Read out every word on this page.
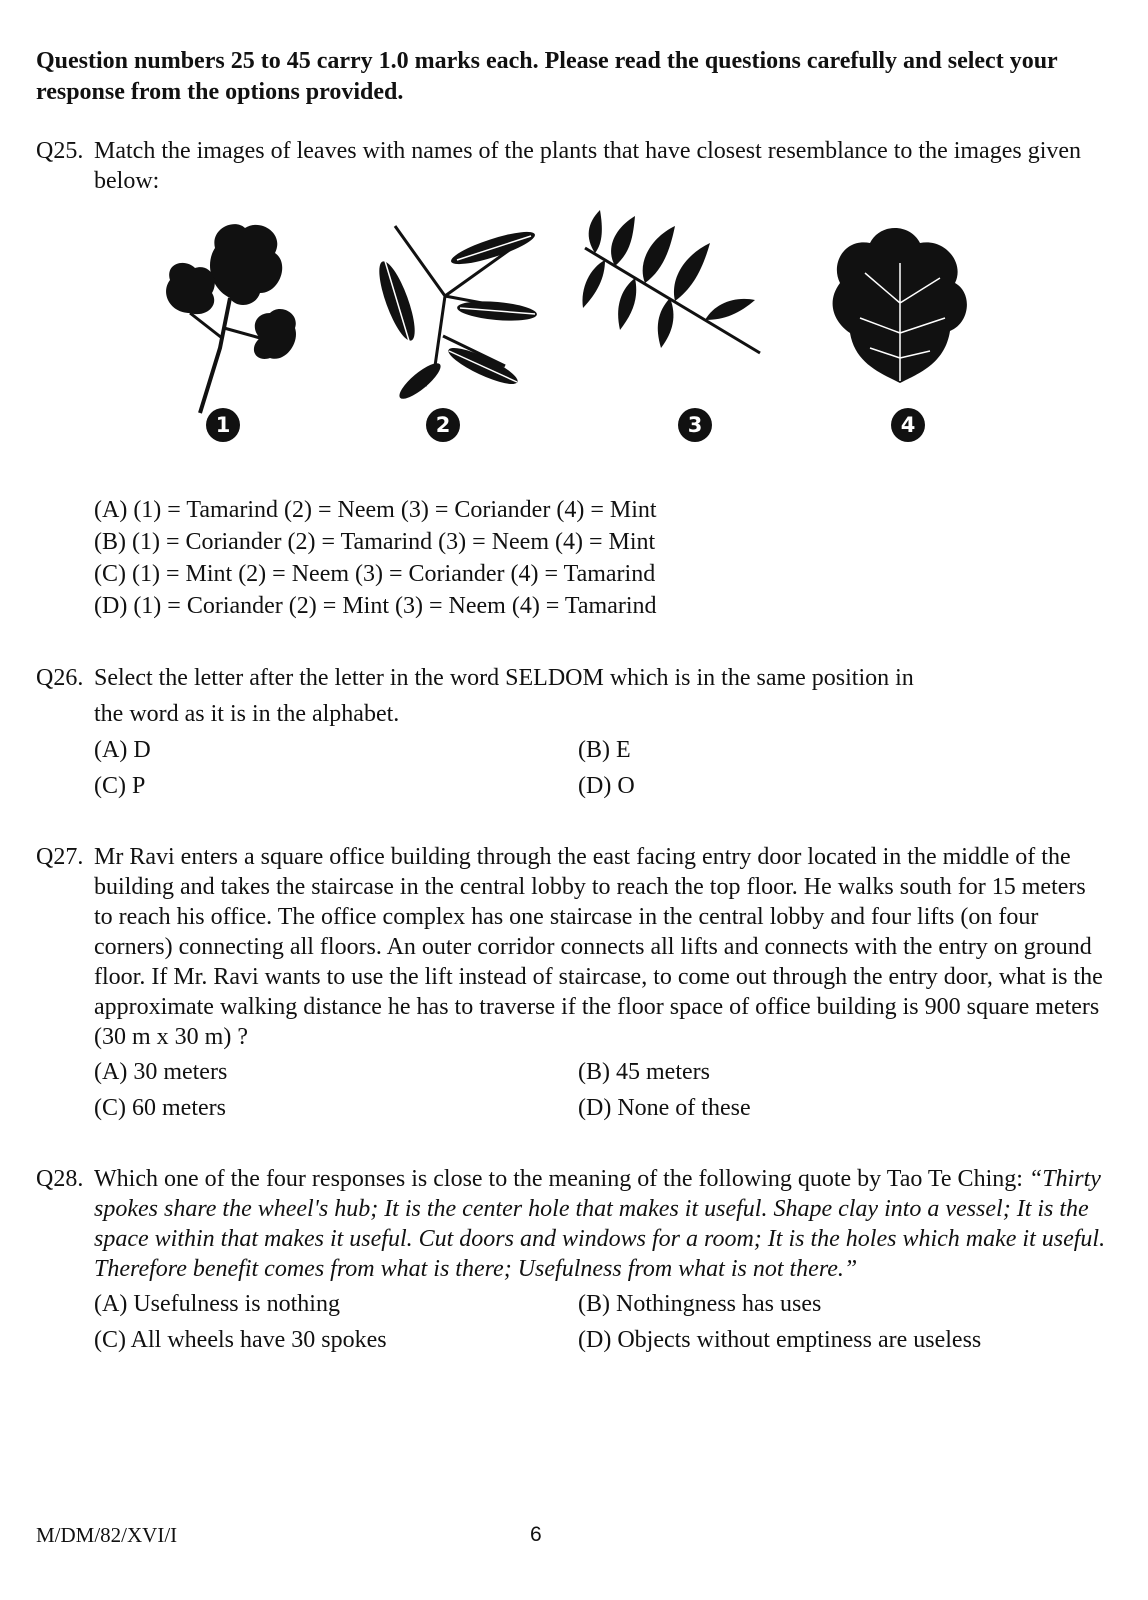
Question numbers 25 to 45 carry 1.0 marks each. Please read the questions carefully and select your response from the options provided.
Q25. Match the images of leaves with names of the plants that have closest resemblance to the images given below:
1	2	3	4
(A) (1) = Tamarind (2) = Neem (3) = Coriander (4) = Mint
(B) (1) = Coriander (2) = Tamarind (3) = Neem (4) = Mint
(C) (1) = Mint (2) = Neem (3) = Coriander (4) = Tamarind
(D) (1) = Coriander (2) = Mint (3) = Neem (4) = Tamarind
Q26. Select the letter after the letter in the word SELDOM which is in the same position in
the word as it is in the alphabet.
(A) D	(B) E
(C) P	(D) O
Q27. Mr Ravi enters a square office building through the east facing entry door located in the middle of the building and takes the staircase in the central lobby to reach the top floor. He walks south for 15 meters to reach his office. The office complex has one staircase in the central lobby and four lifts (on four corners) connecting all floors. An outer corridor connects all lifts and connects with the entry on ground floor. If Mr. Ravi wants to use the lift instead of staircase, to come out through the entry door, what is the approximate walking distance he has to traverse if the floor space of office building is 900 square meters (30 m x 30 m) ?
(A) 30 meters	(B) 45 meters
(C) 60 meters	(D) None of these
Q28. Which one of the four responses is close to the meaning of the following quote by Tao Te Ching: “Thirty spokes share the wheel's hub; It is the center hole that makes it useful. Shape clay into a vessel; It is the space within that makes it useful. Cut doors and windows for a room; It is the holes which make it useful. Therefore benefit comes from what is there; Usefulness from what is not there.”
(A) Usefulness is nothing	(B) Nothingness has uses
(C) All wheels have 30 spokes	(D) Objects without emptiness are useless
M/DM/82/XVI/I	6
